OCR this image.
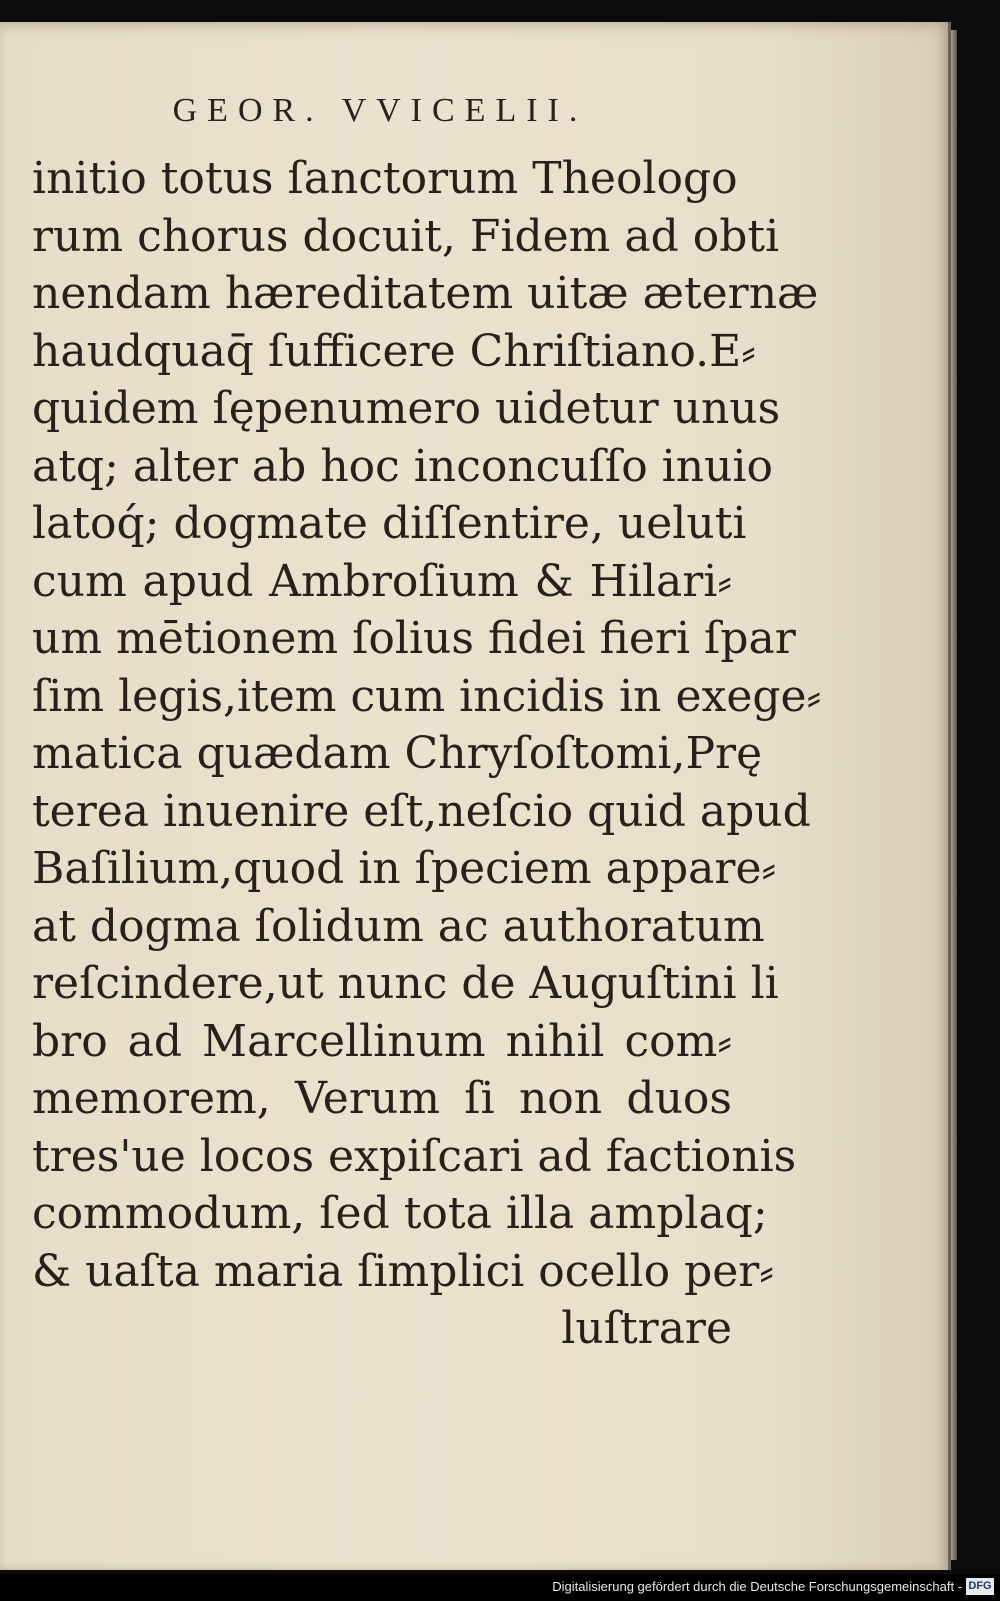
GEOR. VVICELII.
initio totus ſanctorum Theologo
rum chorus docuit, Fidem ad obti
nendam hæreditatem uitæ æternæ
haudquaq̄ ſufficere Chriſtiano.E⸗
quidem ſępenumero uidetur unus
atq; alter ab hoc inconcuſſo inuio
latoq́; dogmate diſſentire, ueluti
cum apud Ambroſium & Hilari⸗
um mētionem ſolius fidei fieri ſpar
ſim legis,item cum incidis in exege⸗
matica quædam Chryſoſtomi,Prę
terea inuenire eſt,neſcio quid apud
Baſilium,quod in ſpeciem appare⸗
at dogma ſolidum ac authoratum
reſcindere,ut nunc de Auguſtini li
bro ad Marcellinum nihil com⸗
memorem, Verum ſi non duos
tres'ue locos expiſcari ad factionis
commodum, ſed tota illa amplaq;
& uaſta maria ſimplici ocello per⸗
luſtrare
Digitalisierung gefördert durch die Deutsche Forschungsgemeinschaft - DFG
